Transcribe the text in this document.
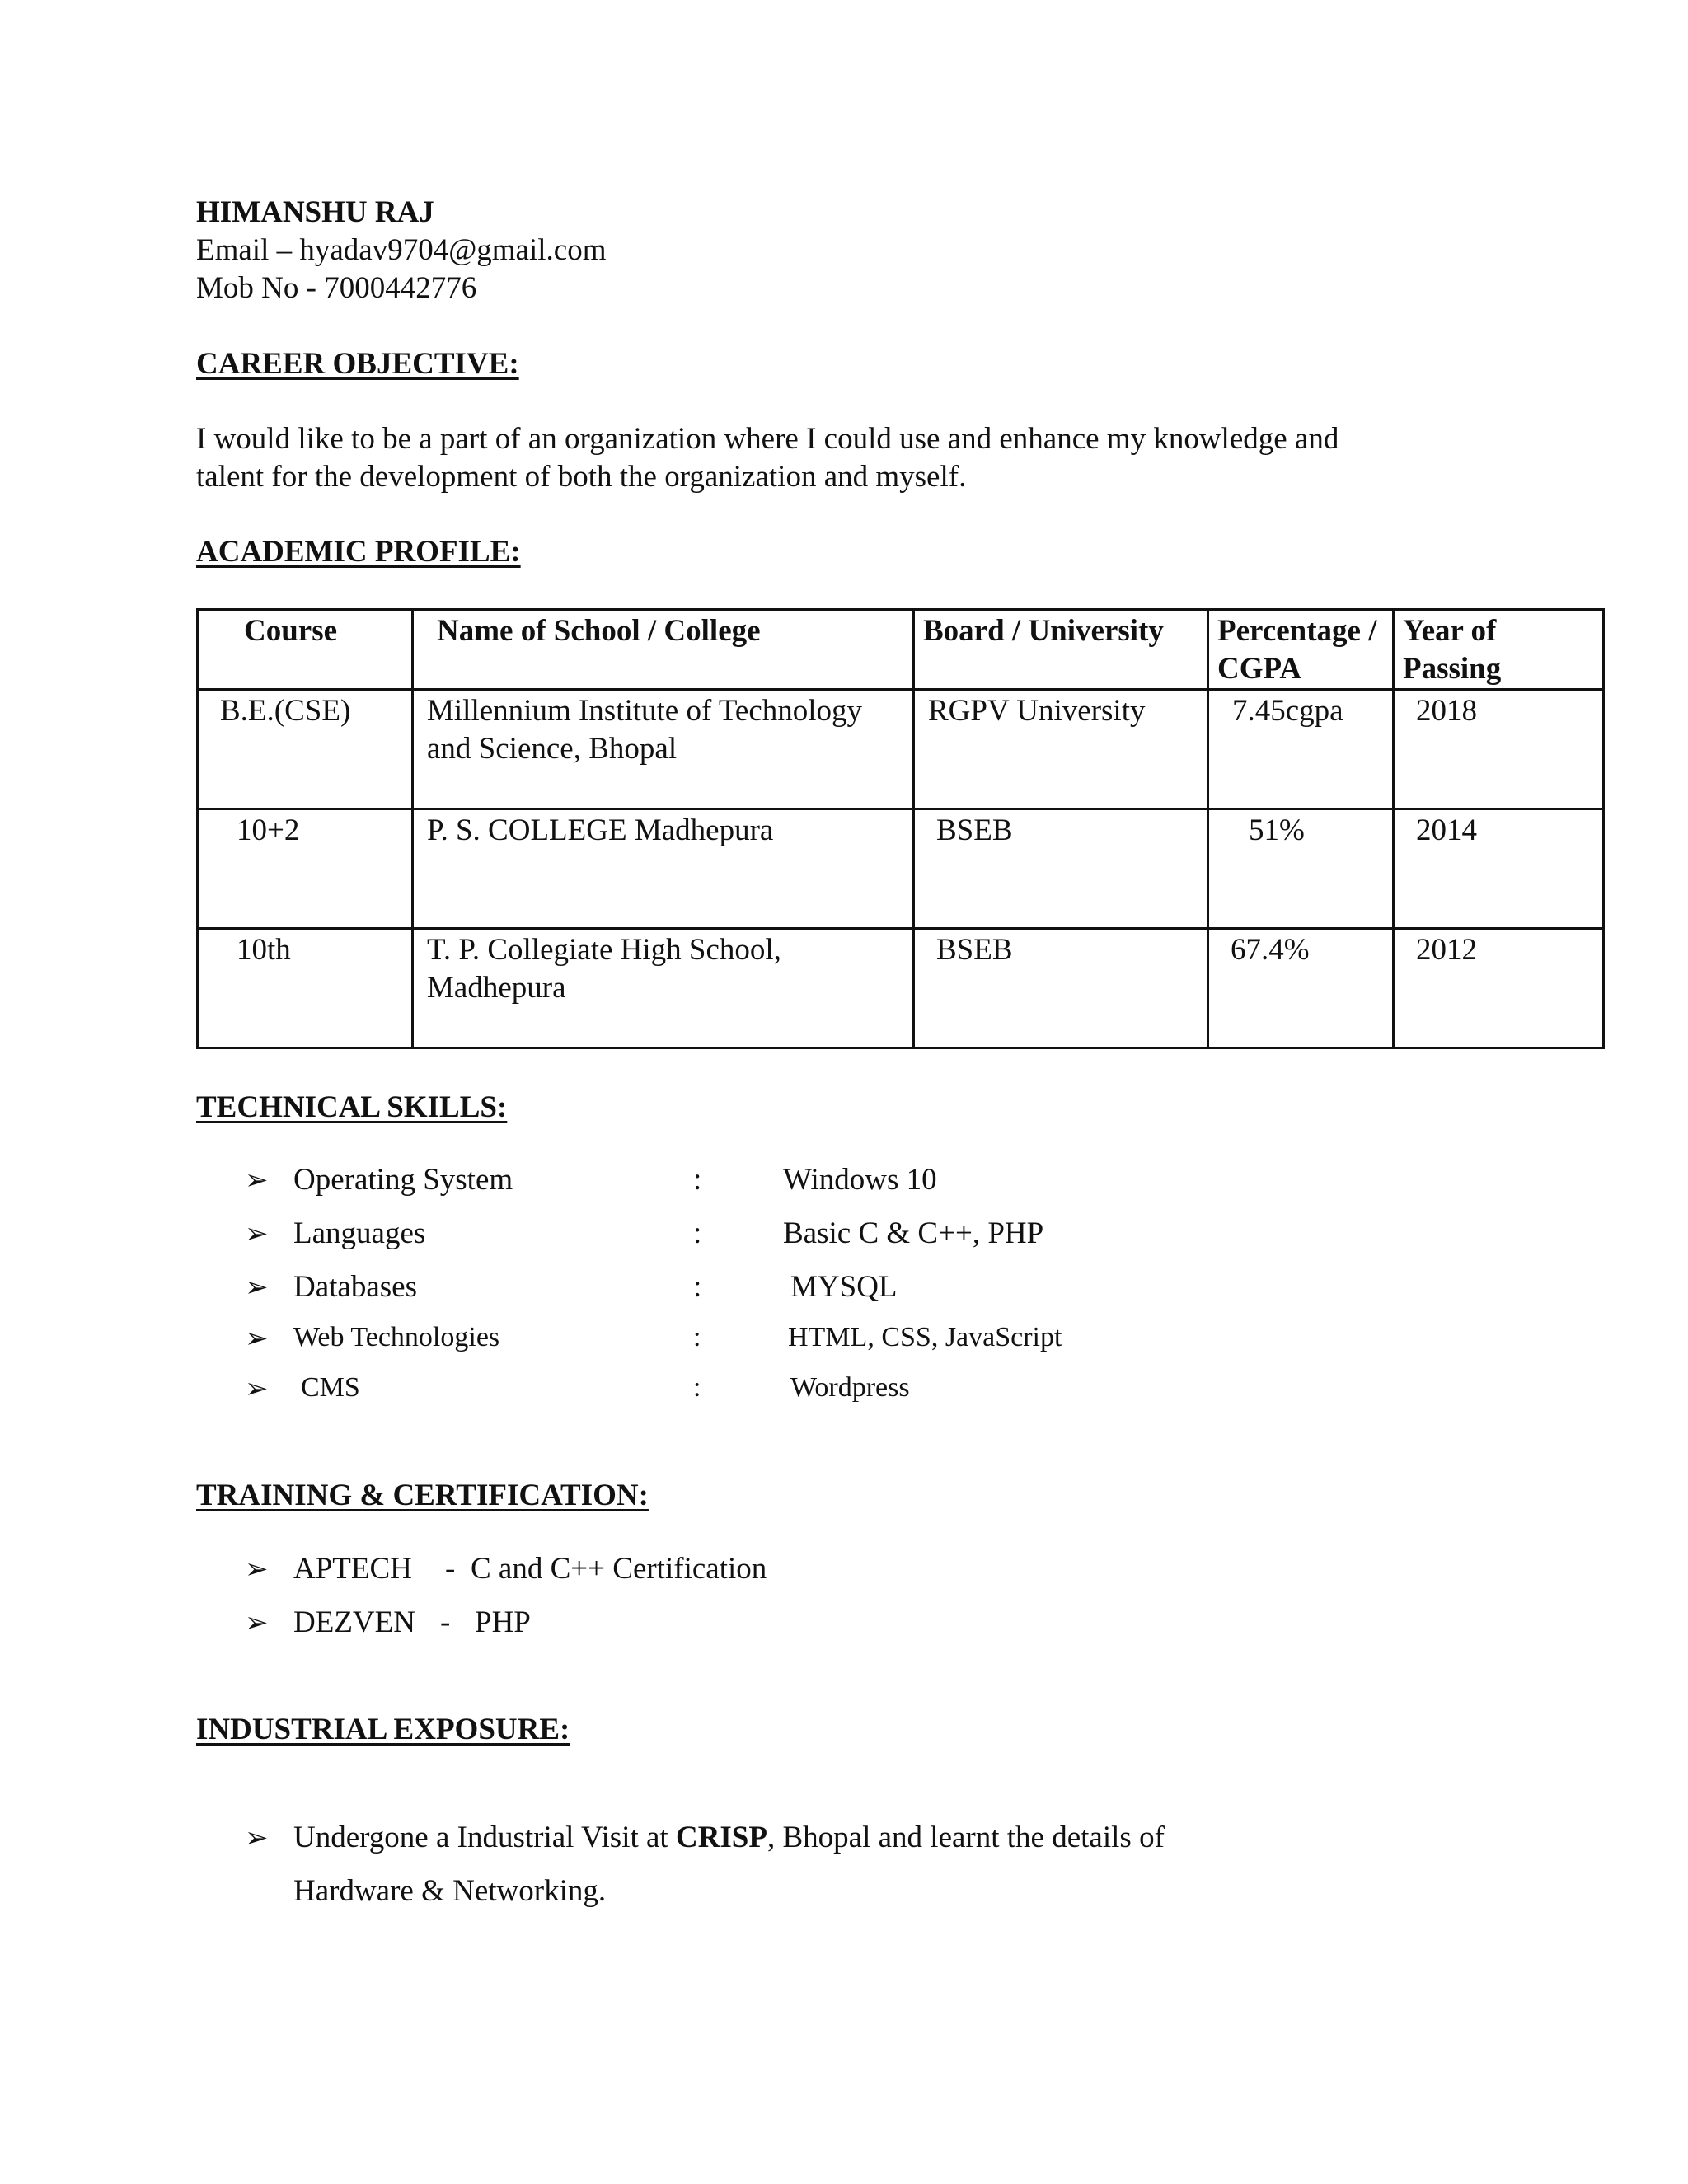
HIMANSHU RAJ
Email – hyadav9704@gmail.com
Mob No - 7000442776
CAREER OBJECTIVE:
I would like to be a part of an organization where I could use and enhance my knowledge and
talent for the development of both the organization and myself.
ACADEMIC PROFILE:
Course	Name of School / College	Board / University	Percentage / CGPA	Year of Passing
B.E.(CSE)	Millennium Institute of Technology and Science, Bhopal	RGPV University	7.45cgpa	2018
10+2	P. S. COLLEGE Madhepura	BSEB	51%	2014
10th	T. P. Collegiate High School, Madhepura	BSEB	67.4%	2012
TECHNICAL SKILLS:
➢ Operating System	:	Windows 10
➢ Languages	:	Basic C & C++, PHP
➢ Databases	:	MYSQL
➢ Web Technologies	:	HTML, CSS, JavaScript
➢ CMS	:	Wordpress
TRAINING & CERTIFICATION:
➢ APTECH - C and C++ Certification
➢ DEZVEN - PHP
INDUSTRIAL EXPOSURE:
➢ Undergone a Industrial Visit at CRISP, Bhopal and learnt the details of
Hardware & Networking.
